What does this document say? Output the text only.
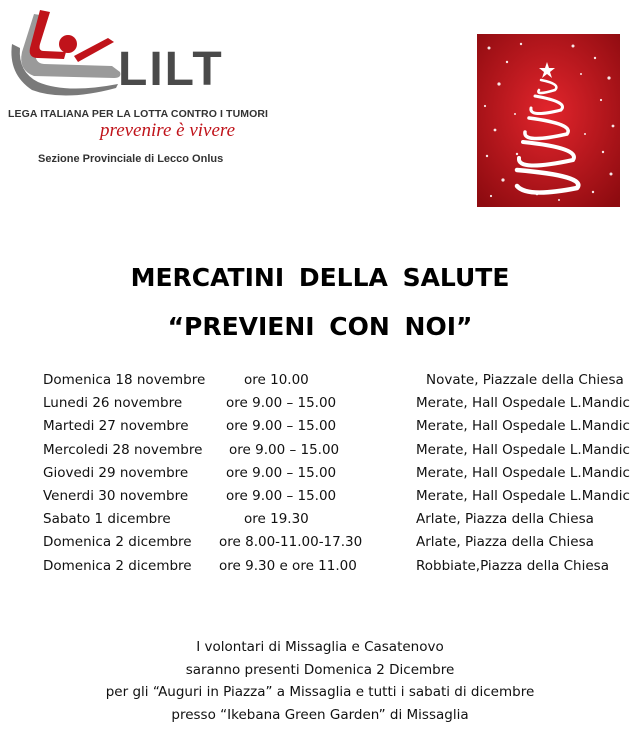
LILT
LEGA ITALIANA PER LA LOTTA CONTRO I TUMORI
prevenire è vivere
Sezione Provinciale di Lecco Onlus
MERCATINI DELLA SALUTE
“PREVIENI CON NOI”
Domenica 18 novembre	ore 10.00	Novate, Piazzale della Chiesa
Lunedi 26 novembre	ore 9.00 – 15.00	Merate, Hall Ospedale L.Mandic
Martedi 27 novembre	ore 9.00 – 15.00	Merate, Hall Ospedale L.Mandic
Mercoledi 28 novembre ore 9.00 – 15.00	Merate, Hall Ospedale L.Mandic
Giovedi 29 novembre	ore 9.00 – 15.00	Merate, Hall Ospedale L.Mandic
Venerdi 30 novembre	ore 9.00 – 15.00	Merate, Hall Ospedale L.Mandic
Sabato 1 dicembre	ore 19.30	Arlate, Piazza della Chiesa
Domenica 2 dicembre ore 8.00-11.00-17.30	Arlate, Piazza della Chiesa
Domenica 2 dicembre ore 9.30 e ore 11.00	Robbiate,Piazza della Chiesa
I volontari di Missaglia e Casatenovo
saranno presenti Domenica 2 Dicembre
per gli “Auguri in Piazza” a Missaglia e tutti i sabati di dicembre
presso “Ikebana Green Garden” di Missaglia
